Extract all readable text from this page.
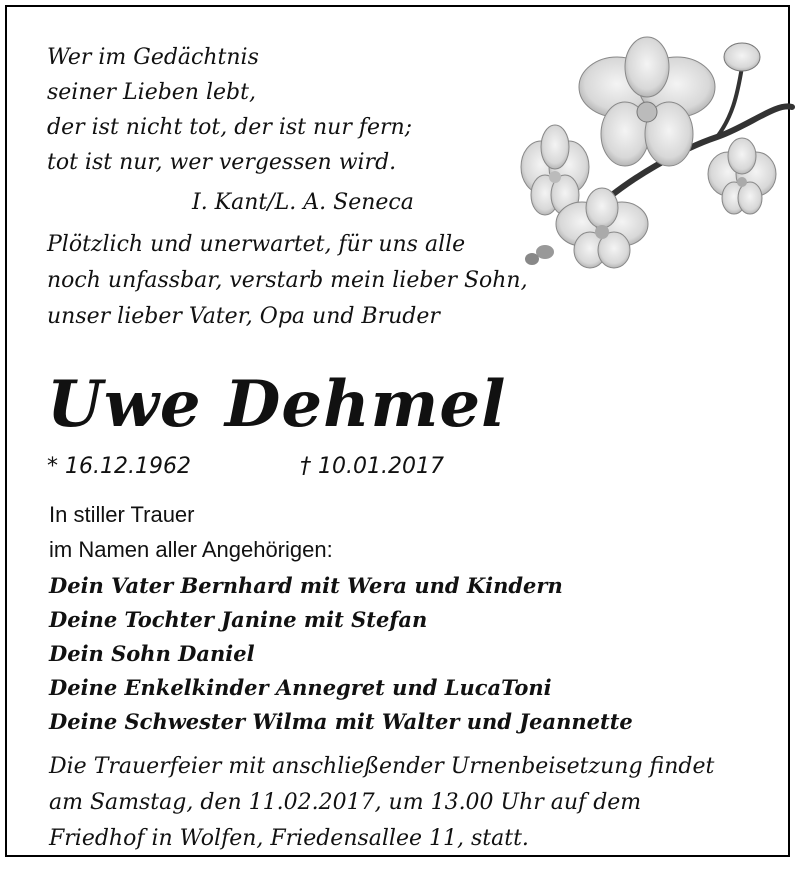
Wer im Gedächtnis
seiner Lieben lebt,
der ist nicht tot, der ist nur fern;
tot ist nur, wer vergessen wird.
I. Kant/L. A. Seneca
Plötzlich und unerwartet, für uns alle
noch unfassbar, verstarb mein lieber Sohn,
unser lieber Vater, Opa und Bruder
Uwe Dehmel
* 16.12.1962	† 10.01.2017
In stiller Trauer
im Namen aller Angehörigen:
Dein Vater Bernhard mit Wera und Kindern
Deine Tochter Janine mit Stefan
Dein Sohn Daniel
Deine Enkelkinder Annegret und LucaToni
Deine Schwester Wilma mit Walter und Jeannette
Die Trauerfeier mit anschließender Urnenbeisetzung findet
am Samstag, den 11.02.2017, um 13.00 Uhr auf dem
Friedhof in Wolfen, Friedensallee 11, statt.
